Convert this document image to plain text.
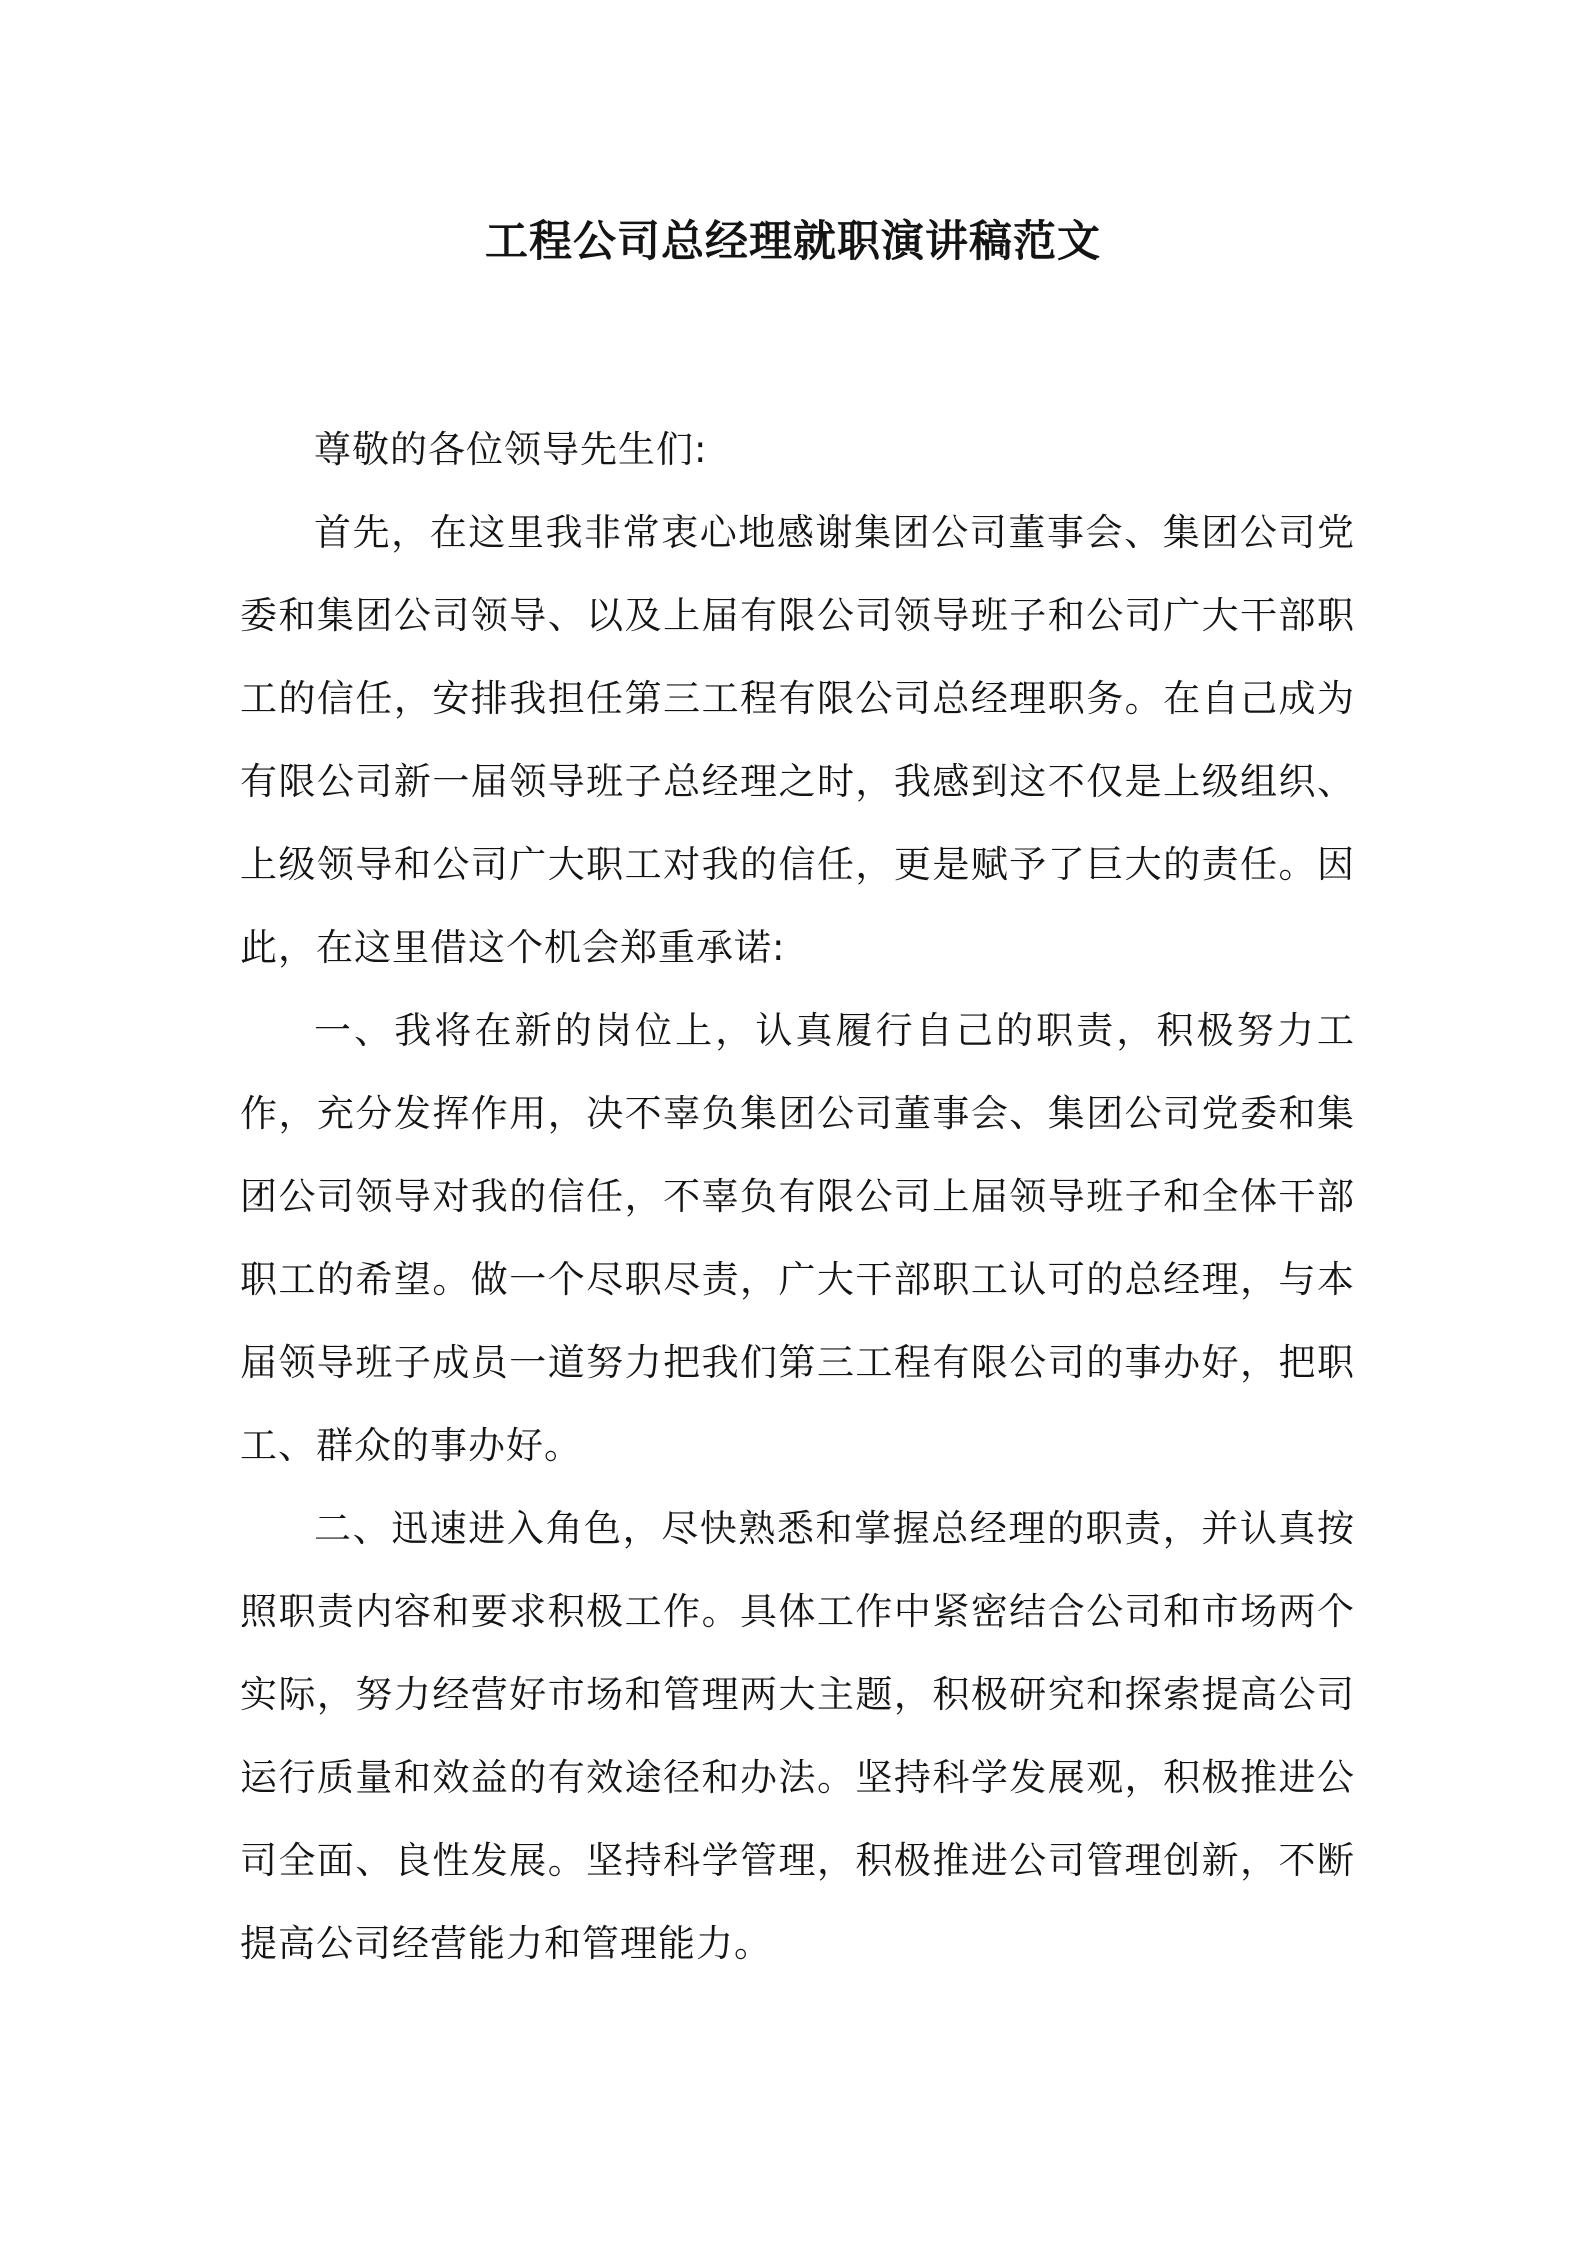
工程公司总经理就职演讲稿范文

尊敬的各位领导先生们:

首先，在这里我非常衷心地感谢集团公司董事会、集团公司党委和集团公司领导、以及上届有限公司领导班子和公司广大干部职工的信任，安排我担任第三工程有限公司总经理职务。在自己成为有限公司新一届领导班子总经理之时，我感到这不仅是上级组织、上级领导和公司广大职工对我的信任，更是赋予了巨大的责任。因此，在这里借这个机会郑重承诺:

一、我将在新的岗位上，认真履行自己的职责，积极努力工作，充分发挥作用，决不辜负集团公司董事会、集团公司党委和集团公司领导对我的信任，不辜负有限公司上届领导班子和全体干部职工的希望。做一个尽职尽责，广大干部职工认可的总经理，与本届领导班子成员一道努力把我们第三工程有限公司的事办好，把职工、群众的事办好。

二、迅速进入角色，尽快熟悉和掌握总经理的职责，并认真按照职责内容和要求积极工作。具体工作中紧密结合公司和市场两个实际，努力经营好市场和管理两大主题，积极研究和探索提高公司运行质量和效益的有效途径和办法。坚持科学发展观，积极推进公司全面、良性发展。坚持科学管理，积极推进公司管理创新，不断提高公司经营能力和管理能力。
